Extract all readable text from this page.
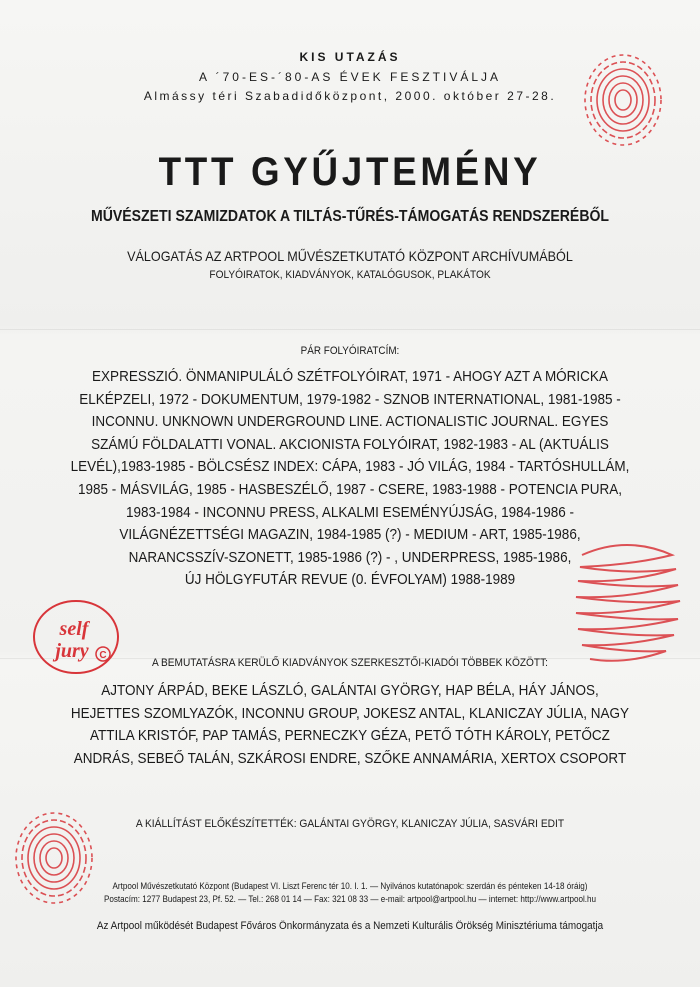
self
jury C
KIS UTAZÁS
A ´70-ES-´80-AS ÉVEK FESZTIVÁLJA
Almássy téri Szabadidőközpont, 2000. október 27-28.
TTT GYŰJTEMÉNY
MŰVÉSZETI SZAMIZDATOK A TILTÁS-TŰRÉS-TÁMOGATÁS RENDSZERÉBŐL
VÁLOGATÁS AZ ARTPOOL MŰVÉSZETKUTATÓ KÖZPONT ARCHÍVUMÁBÓL
FOLYÓIRATOK, KIADVÁNYOK, KATALÓGUSOK, PLAKÁTOK
PÁR FOLYÓIRATCÍM:
EXPRESSZIÓ. ÖNMANIPULÁLÓ SZÉTFOLYÓIRAT, 1971 - AHOGY AZT A MÓRICKA
ELKÉPZELI, 1972 - DOKUMENTUM, 1979-1982 - SZNOB INTERNATIONAL, 1981-1985 -
INCONNU. UNKNOWN UNDERGROUND LINE. ACTIONALISTIC JOURNAL. EGYES
SZÁMÚ FÖLDALATTI VONAL. AKCIONISTA FOLYÓIRAT, 1982-1983 - AL (AKTUÁLIS
LEVÉL),1983-1985 - BÖLCSÉSZ INDEX: CÁPA, 1983 - JÓ VILÁG, 1984 - TARTÓSHULLÁM,
1985 - MÁSVILÁG, 1985 - HASBESZÉLŐ, 1987 - CSERE, 1983-1988 - POTENCIA PURA,
1983-1984 - INCONNU PRESS, ALKALMI ESEMÉNYÚJSÁG, 1984-1986 -
VILÁGNÉZETTSÉGI MAGAZIN, 1984-1985 (?) - MEDIUM - ART, 1985-1986,
NARANCSSZÍV-SZONETT, 1985-1986 (?) - , UNDERPRESS, 1985-1986,
ÚJ HÖLGYFUTÁR REVUE (0. ÉVFOLYAM) 1988-1989
A BEMUTATÁSRA KERÜLŐ KIADVÁNYOK SZERKESZTŐI-KIADÓI TÖBBEK KÖZÖTT:
AJTONY ÁRPÁD, BEKE LÁSZLÓ, GALÁNTAI GYÖRGY, HAP BÉLA, HÁY JÁNOS,
HEJETTES SZOMLYAZÓK, INCONNU GROUP, JOKESZ ANTAL, KLANICZAY JÚLIA, NAGY
ATTILA KRISTÓF, PAP TAMÁS, PERNECZKY GÉZA, PETŐ TÓTH KÁROLY, PETŐCZ
ANDRÁS, SEBEŐ TALÁN, SZKÁROSI ENDRE, SZŐKE ANNAMÁRIA, XERTOX CSOPORT
A KIÁLLÍTÁST ELŐKÉSZÍTETTÉK: GALÁNTAI GYÖRGY, KLANICZAY JÚLIA, SASVÁRI EDIT
Artpool Művészetkutató Központ (Budapest VI. Liszt Ferenc tér 10. I. 1. — Nyilvános kutatónapok: szerdán és pénteken 14-18 óráig)
Postacím: 1277 Budapest 23, Pf. 52. — Tel.: 268 01 14 — Fax: 321 08 33 — e-mail: artpool@artpool.hu — internet: http://www.artpool.hu
Az Artpool működését Budapest Főváros Önkormányzata és a Nemzeti Kulturális Örökség Minisztériuma támogatja
